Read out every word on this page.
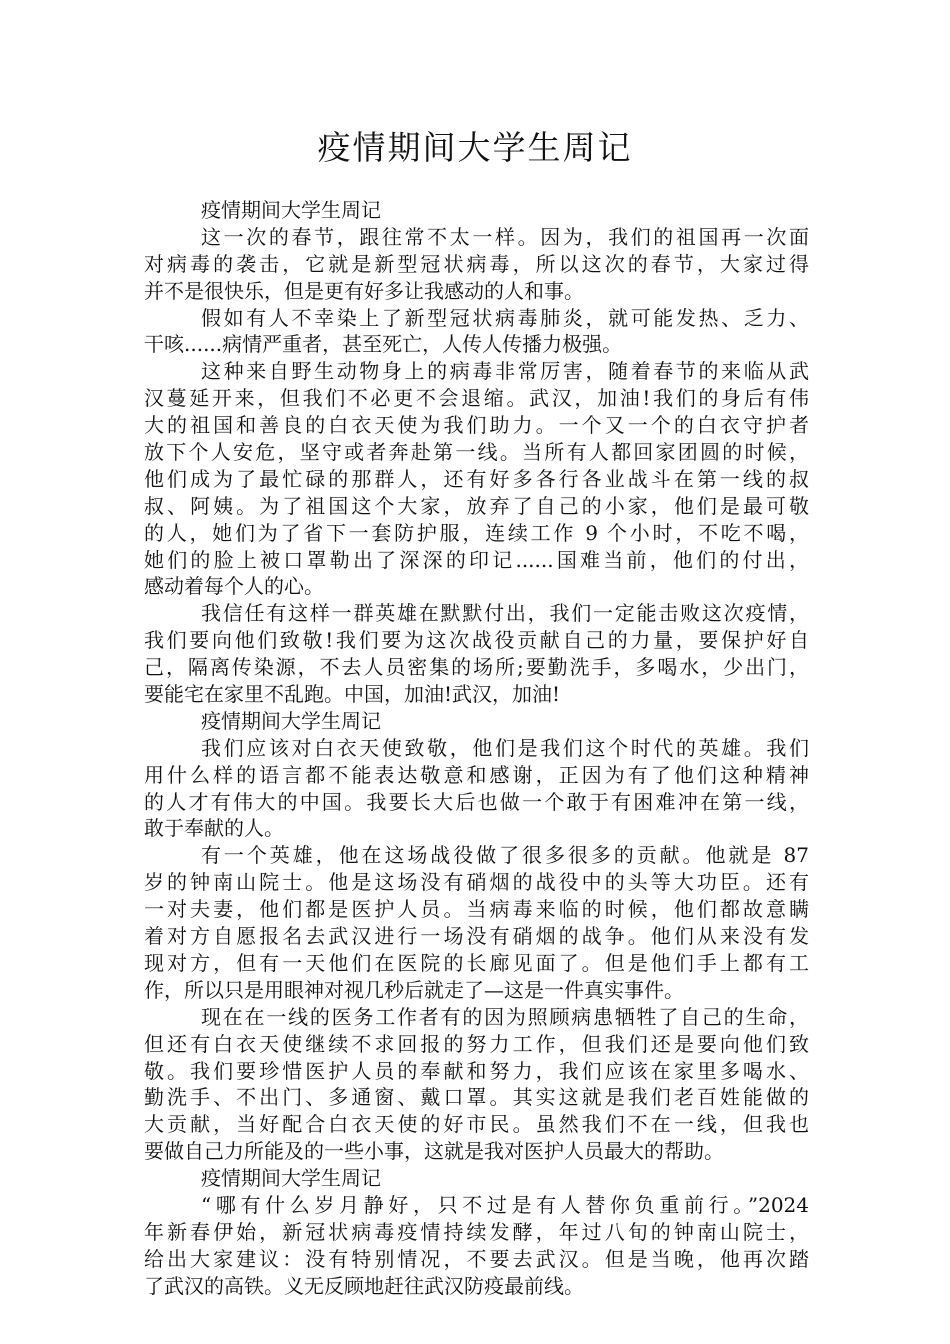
疫情期间大学生周记
疫情期间大学生周记
这一次的春节，跟往常不太一样。因为，我们的祖国再一次面
对病毒的袭击，它就是新型冠状病毒，所以这次的春节，大家过得
并不是很快乐，但是更有好多让我感动的人和事。
假如有人不幸染上了新型冠状病毒肺炎，就可能发热、乏力、
干咳......病情严重者，甚至死亡，人传人传播力极强。
这种来自野生动物身上的病毒非常厉害，随着春节的来临从武
汉蔓延开来，但我们不必更不会退缩。武汉，加油!我们的身后有伟
大的祖国和善良的白衣天使为我们助力。一个又一个的白衣守护者
放下个人安危，坚守或者奔赴第一线。当所有人都回家团圆的时候，
他们成为了最忙碌的那群人，还有好多各行各业战斗在第一线的叔
叔、阿姨。为了祖国这个大家，放弃了自己的小家，他们是最可敬
的人，她们为了省下一套防护服，连续工作 9 个小时，不吃不喝，
她们的脸上被口罩勒出了深深的印记......国难当前，他们的付出，
感动着每个人的心。
我信任有这样一群英雄在默默付出，我们一定能击败这次疫情，
我们要向他们致敬!我们要为这次战役贡献自己的力量，要保护好自
己，隔离传染源，不去人员密集的场所;要勤洗手，多喝水，少出门，
要能宅在家里不乱跑。中国，加油!武汉，加油!
疫情期间大学生周记
我们应该对白衣天使致敬，他们是我们这个时代的英雄。我们
用什么样的语言都不能表达敬意和感谢，正因为有了他们这种精神
的人才有伟大的中国。我要长大后也做一个敢于有困难冲在第一线，
敢于奉献的人。
有一个英雄，他在这场战役做了很多很多的贡献。他就是 87
岁的钟南山院士。他是这场没有硝烟的战役中的头等大功臣。还有
一对夫妻，他们都是医护人员。当病毒来临的时候，他们都故意瞒
着对方自愿报名去武汉进行一场没有硝烟的战争。他们从来没有发
现对方，但有一天他们在医院的长廊见面了。但是他们手上都有工
作，所以只是用眼神对视几秒后就走了—这是一件真实事件。
现在在一线的医务工作者有的因为照顾病患牺牲了自己的生命，
但还有白衣天使继续不求回报的努力工作，但我们还是要向他们致
敬。我们要珍惜医护人员的奉献和努力，我们应该在家里多喝水、
勤洗手、不出门、多通窗、戴口罩。其实这就是我们老百姓能做的
大贡献，当好配合白衣天使的好市民。虽然我们不在一线，但我也
要做自己力所能及的一些小事，这就是我对医护人员最大的帮助。
疫情期间大学生周记
“哪有什么岁月静好，只不过是有人替你负重前行。”2024
年新春伊始，新冠状病毒疫情持续发酵，年过八旬的钟南山院士，
给出大家建议：没有特别情况，不要去武汉。但是当晚，他再次踏
了武汉的高铁。义无反顾地赶往武汉防疫最前线。
